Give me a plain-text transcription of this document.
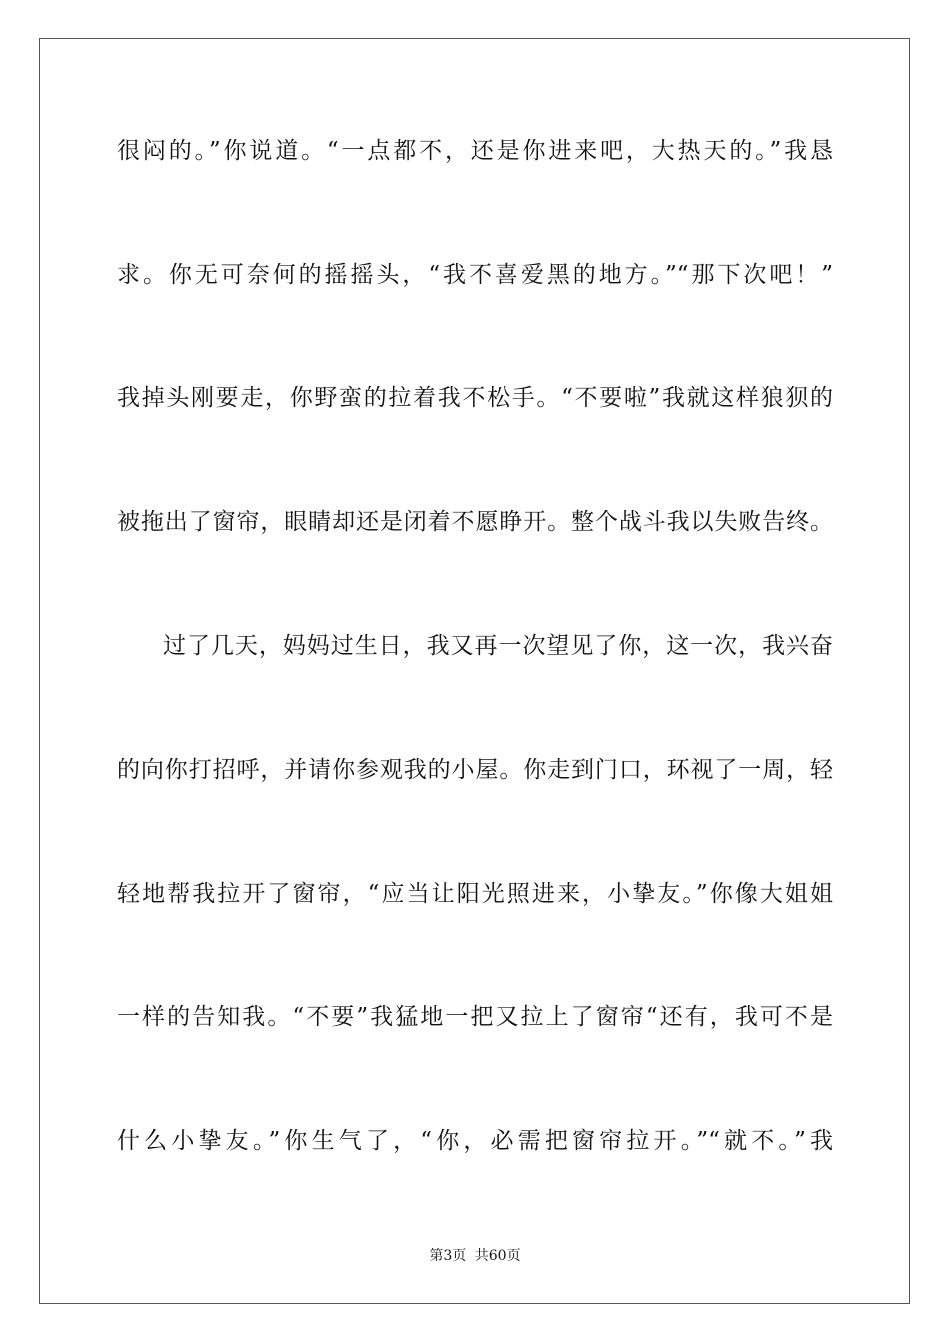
很闷的。”你说道。“一点都不，还是你进来吧，大热天的。”我恳
求。你无可奈何的摇摇头，“我不喜爱黑的地方。”“那下次吧！”
我掉头刚要走，你野蛮的拉着我不松手。“不要啦”我就这样狼狈的
被拖出了窗帘，眼睛却还是闭着不愿睁开。整个战斗我以失败告终。
过了几天，妈妈过生日，我又再一次望见了你，这一次，我兴奋
的向你打招呼，并请你参观我的小屋。你走到门口，环视了一周，轻
轻地帮我拉开了窗帘，“应当让阳光照进来，小挚友。”你像大姐姐
一样的告知我。“不要”我猛地一把又拉上了窗帘“还有，我可不是
什么小挚友。”你生气了，“你，必需把窗帘拉开。”“就不。”我
第3页 共60页
